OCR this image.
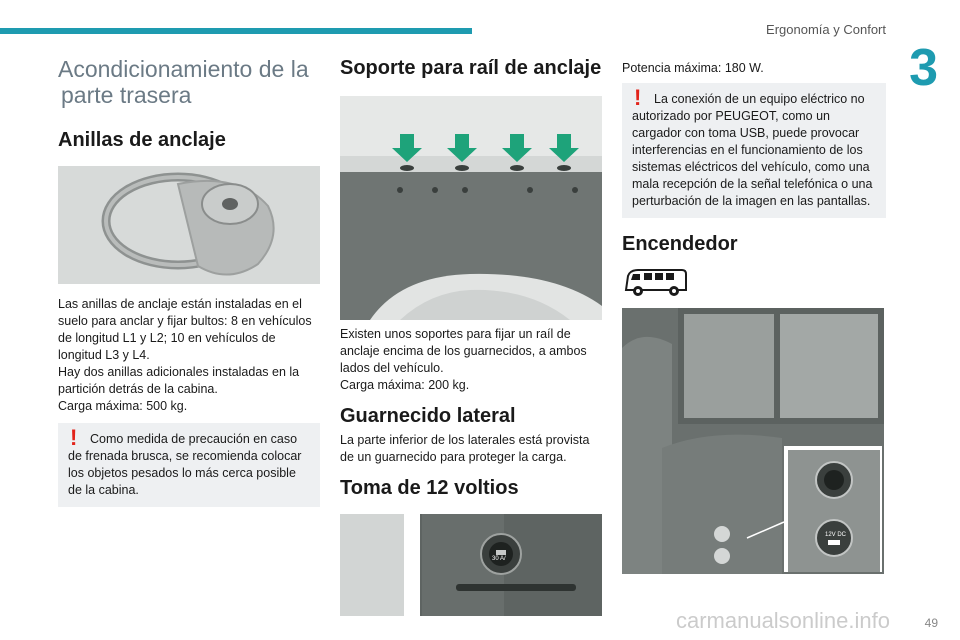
Ergonomía y Confort
3
Acondicionamiento de la
parte trasera
Anillas de anclaje

Las anillas de anclaje están instaladas en el suelo para anclar y fijar bultos: 8 en vehículos de longitud L1 y L2; 10 en vehículos de longitud L3 y L4.
Hay dos anillas adicionales instaladas en la partición detrás de la cabina.
Carga máxima: 500 kg.

!	Como medida de precaución en caso de frenada brusca, se recomienda colocar los objetos pesados lo más cerca posible de la cabina.
Soporte para raíl de anclaje

Existen unos soportes para fijar un raíl de anclaje encima de los guarnecidos, a ambos lados del vehículo.
Carga máxima: 200 kg.

Guarnecido lateral

La parte inferior de los laterales está provista de un guarnecido para proteger la carga.

Toma de 12 voltios
30 A/

Potencia máxima: 180 W.

!	La conexión de un equipo eléctrico no autorizado por PEUGEOT, como un cargador con toma USB, puede provocar interferencias en el funcionamiento de los sistemas eléctricos del vehículo, como una mala recepción de la señal telefónica o una perturbación de la imagen en las pantallas.
Encendedor
12V DC
carmanualsonline.info	49
